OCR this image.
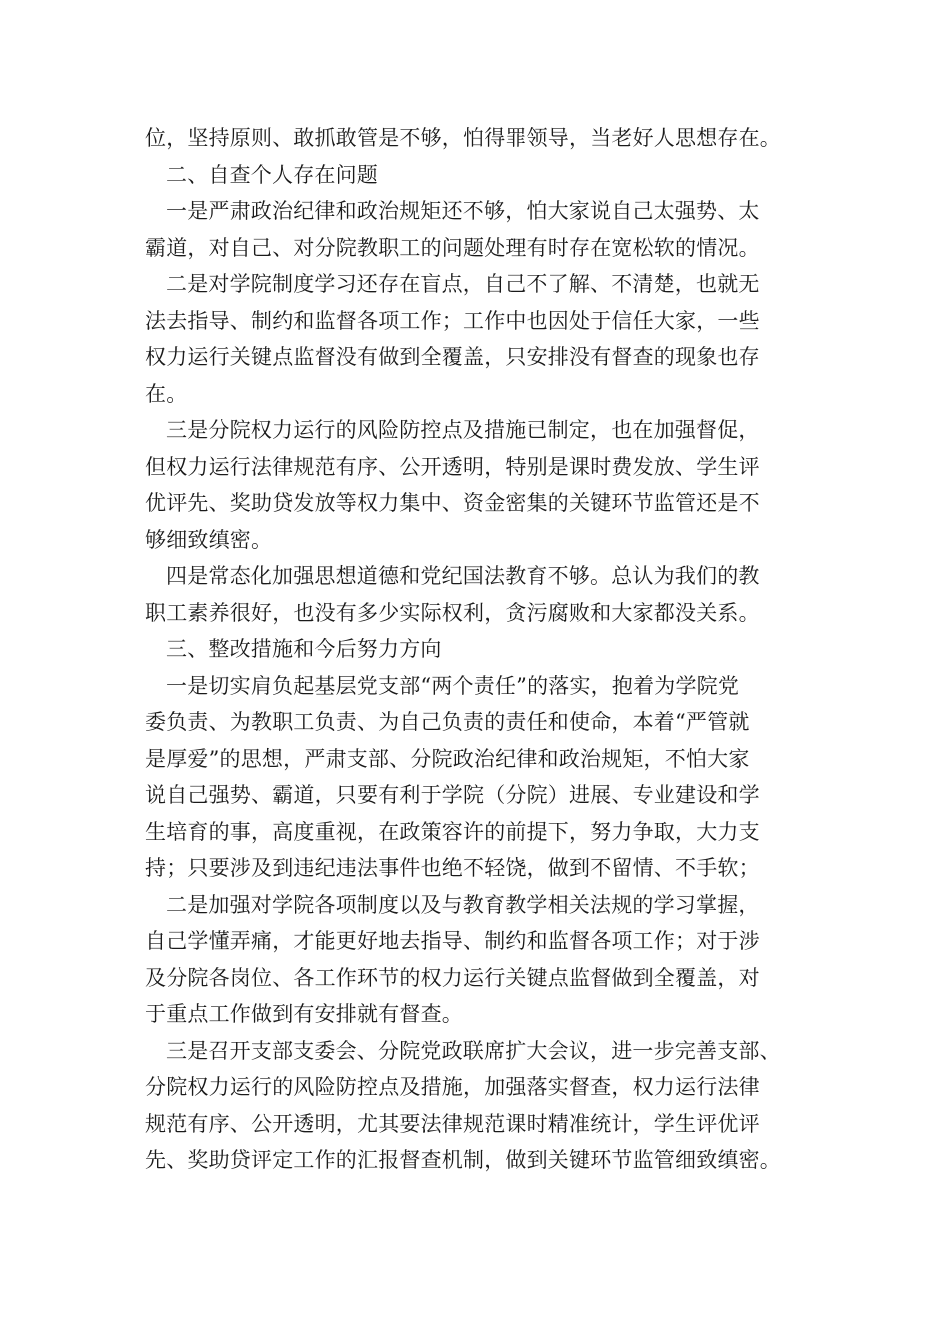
位，坚持原则、敢抓敢管是不够，怕得罪领导，当老好人思想存在。
二、自查个人存在问题
一是严肃政治纪律和政治规矩还不够，怕大家说自己太强势、太
霸道，对自己、对分院教职工的问题处理有时存在宽松软的情况。
二是对学院制度学习还存在盲点，自己不了解、不清楚，也就无
法去指导、制约和监督各项工作；工作中也因处于信任大家，一些
权力运行关键点监督没有做到全覆盖，只安排没有督查的现象也存
在。
三是分院权力运行的风险防控点及措施已制定，也在加强督促，
但权力运行法律规范有序、公开透明，特别是课时费发放、学生评
优评先、奖助贷发放等权力集中、资金密集的关键环节监管还是不
够细致缜密。
四是常态化加强思想道德和党纪国法教育不够。总认为我们的教
职工素养很好，也没有多少实际权利，贪污腐败和大家都没关系。
三、整改措施和今后努力方向
一是切实肩负起基层党支部“两个责任”的落实，抱着为学院党
委负责、为教职工负责、为自己负责的责任和使命，本着“严管就
是厚爱”的思想，严肃支部、分院政治纪律和政治规矩，不怕大家
说自己强势、霸道，只要有利于学院（分院）进展、专业建设和学
生培育的事，高度重视，在政策容许的前提下，努力争取，大力支
持；只要涉及到违纪违法事件也绝不轻饶，做到不留情、不手软；
二是加强对学院各项制度以及与教育教学相关法规的学习掌握，
自己学懂弄痛，才能更好地去指导、制约和监督各项工作；对于涉
及分院各岗位、各工作环节的权力运行关键点监督做到全覆盖，对
于重点工作做到有安排就有督查。
三是召开支部支委会、分院党政联席扩大会议，进一步完善支部、
分院权力运行的风险防控点及措施，加强落实督查，权力运行法律
规范有序、公开透明，尤其要法律规范课时精准统计，学生评优评
先、奖助贷评定工作的汇报督查机制，做到关键环节监管细致缜密。
